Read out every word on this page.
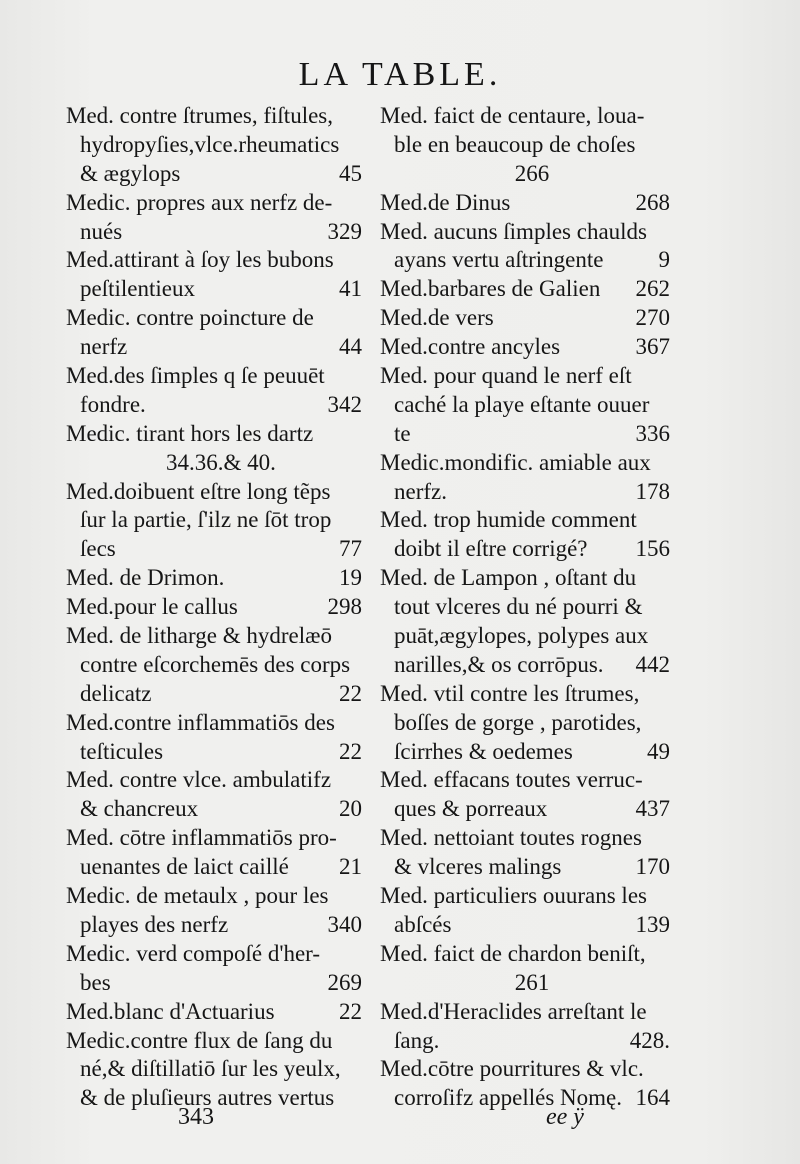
LA TABLE.
Med. contre ſtrumes, fiſtules,
hydropyſies,vlce.rheumatics
& ægylops	45
Medic. propres aux nerfz de-
nués	329
Med.attirant à ſoy les bubons
peſtilentieux	41
Medic. contre poincture de
nerfz	44
Med.des ſimples q ſe peuuēt
fondre.	342
Medic. tirant hors les dartz
34.36.& 40.
Med.doibuent eſtre long tẽps
ſur la partie, ſ'ilz ne ſōt trop
ſecs	77
Med. de Drimon.	19
Med.pour le callus	298
Med. de litharge & hydrelæō
contre eſcorchemēs des corps
delicatz	22
Med.contre inflammatiōs des
teſticules	22
Med. contre vlce. ambulatifz
& chancreux	20
Med. cōtre inflammatiōs pro-
uenantes de laict caillé 21
Medic. de metaulx , pour les
playes des nerfz	340
Medic. verd compoſé d'her-
bes	269
Med.blanc d'Actuarius	22
Medic.contre flux de ſang du
né,& diſtillatiō ſur les yeulx,
& de pluſieurs autres vertus
Med. faict de centaure, loua-
ble en beaucoup de choſes
266
Med.de Dinus	268
Med. aucuns ſimples chaulds
ayans vertu aſtringente 9
Med.barbares de Galien 262
Med.de vers	270
Med.contre ancyles	367
Med. pour quand le nerf eſt
caché la playe eſtante ouuer
te	336
Medic.mondific. amiable aux
nerfz.	178
Med. trop humide comment
doibt il eſtre corrigé? 156
Med. de Lampon , oſtant du
tout vlceres du né pourri &
puāt,ægylopes, polypes aux
narilles,& os corrōpus. 442
Med. vtil contre les ſtrumes,
boſſes de gorge , parotides,
ſcirrhes & oedemes	49
Med. effacans toutes verruc-
ques & porreaux	437
Med. nettoiant toutes rognes
& vlceres malings	170
Med. particuliers ouurans les
abſcés	139
Med. faict de chardon beniſt,
261
Med.d'Heraclides arreſtant le
ſang.	428.
Med.cōtre pourritures & vlc.
corroſifz appellés Nomę. 164
343	ee ÿ
